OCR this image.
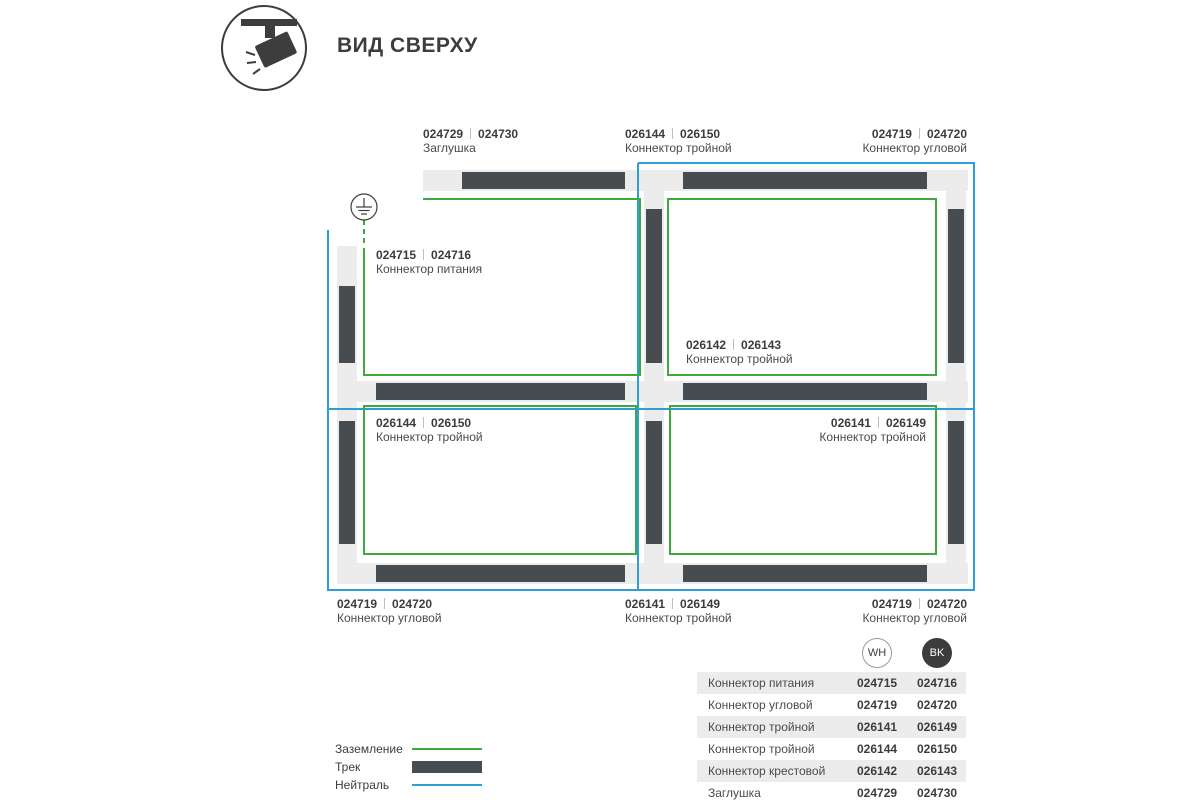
ВИД СВЕРХУ
024729 024730
Заглушка
026144 026150
Коннектор тройной
024719 024720
Коннектор угловой
024715 024716
Коннектор питания
026142 026143
Коннектор тройной
026144 026150
Коннектор тройной
026141 026149
Коннектор тройной
024719 024720
Коннектор угловой
026141 026149
Коннектор тройной
024719 024720
Коннектор угловой
WH	BK
Коннектор питания	024715 024716
Коннектор угловой	024719 024720
Коннектор тройной	026141 026149
Коннектор тройной	026144 026150
Коннектор крестовой	026142 026143
Заглушка	024729 024730
Заземление
Трек
Нейтраль
